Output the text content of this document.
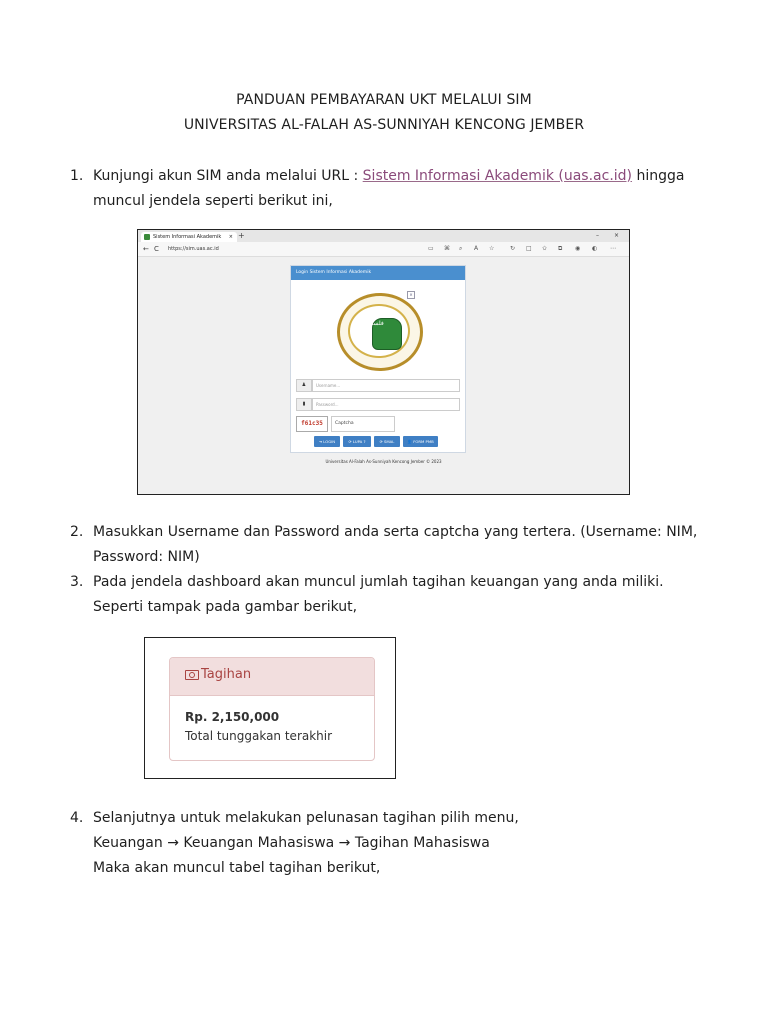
PANDUAN PEMBAYARAN UKT MELALUI SIM
UNIVERSITAS AL-FALAH AS-SUNNIYAH KENCONG JEMBER
1. Kunjungi akun SIM anda melalui URL : Sistem Informasi Akademik (uas.ac.id) hingga muncul jendela seperti berikut ini,
Sistem Informasi Akademik × +	–	×
← C https://sim.uas.ac.id	▭ ⌘ ⌕ A ☆	↻ □ ✩ ⧉ ◉ ◐ ⋯
Login Sistem Informasi Akademik
×
فلسة
♟	Username...
▮	Password...
f61c35	Captcha
⇥ LOGIN	⟳ LUPA ?	⟳ SMAL	👤 FORM PMB
Universitas Al-Falah As-Sunniyah Kencong Jember © 2023
2. Masukkan Username dan Password anda serta captcha yang tertera. (Username: NIM, Password: NIM)
3. Pada jendela dashboard akan muncul jumlah tagihan keuangan yang anda miliki. Seperti tampak pada gambar berikut,
Tagihan
Rp. 2,150,000
Total tunggakan terakhir
4. Selanjutnya untuk melakukan pelunasan tagihan pilih menu,
Keuangan → Keuangan Mahasiswa → Tagihan Mahasiswa
Maka akan muncul tabel tagihan berikut,
